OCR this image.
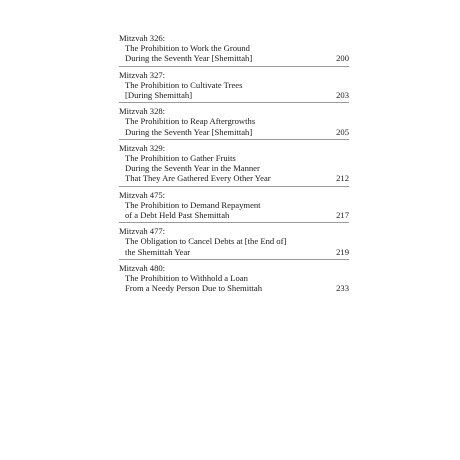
Mitzvah 326:
The Prohibition to Work the Ground
During the Seventh Year [Shemittah]	200
Mitzvah 327:
The Prohibition to Cultivate Trees
[During Shemittah]	203
Mitzvah 328:
The Prohibition to Reap Aftergrowths
During the Seventh Year [Shemittah]	205
Mitzvah 329:
The Prohibition to Gather Fruits
During the Seventh Year in the Manner
That They Are Gathered Every Other Year	212
Mitzvah 475:
The Prohibition to Demand Repayment
of a Debt Held Past Shemittah	217
Mitzvah 477:
The Obligation to Cancel Debts at [the End of]
the Shemittah Year	219
Mitzvah 480:
The Prohibition to Withhold a Loan
From a Needy Person Due to Shemittah	233
